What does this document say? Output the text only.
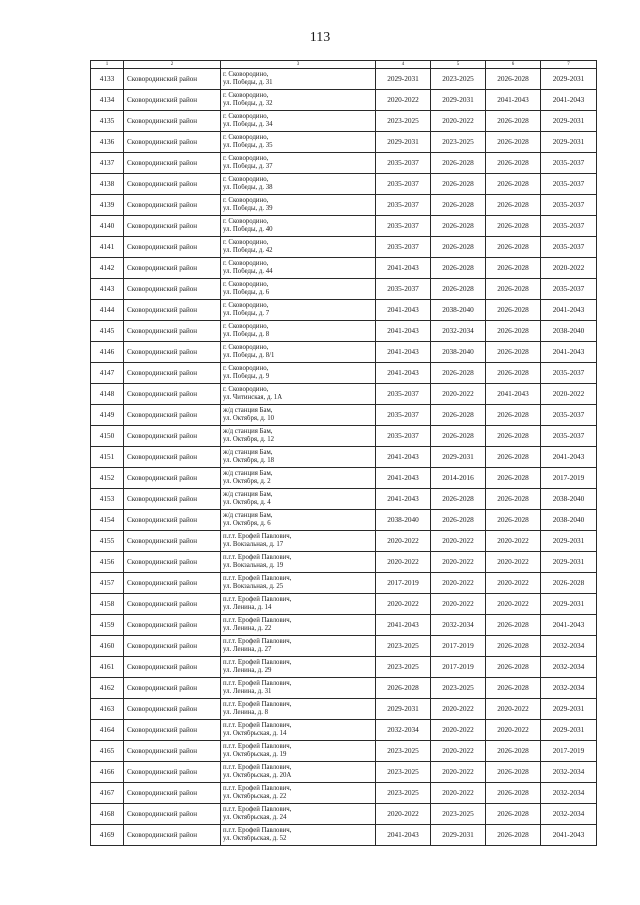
113
1	2	3	4	5	6	7
4133	Сковородинский район	г. Сковородино,
ул. Победы, д. 31	2029-2031	2023-2025	2026-2028	2029-2031
4134	Сковородинский район	г. Сковородино,
ул. Победы, д. 32	2020-2022	2029-2031	2041-2043	2041-2043
4135	Сковородинский район	г. Сковородино,
ул. Победы, д. 34	2023-2025	2020-2022	2026-2028	2029-2031
4136	Сковородинский район	г. Сковородино,
ул. Победы, д. 35	2029-2031	2023-2025	2026-2028	2029-2031
4137	Сковородинский район	г. Сковородино,
ул. Победы, д. 37	2035-2037	2026-2028	2026-2028	2035-2037
4138	Сковородинский район	г. Сковородино,
ул. Победы, д. 38	2035-2037	2026-2028	2026-2028	2035-2037
4139	Сковородинский район	г. Сковородино,
ул. Победы, д. 39	2035-2037	2026-2028	2026-2028	2035-2037
4140	Сковородинский район	г. Сковородино,
ул. Победы, д. 40	2035-2037	2026-2028	2026-2028	2035-2037
4141	Сковородинский район	г. Сковородино,
ул. Победы, д. 42	2035-2037	2026-2028	2026-2028	2035-2037
4142	Сковородинский район	г. Сковородино,
ул. Победы, д. 44	2041-2043	2026-2028	2026-2028	2020-2022
4143	Сковородинский район	г. Сковородино,
ул. Победы, д. 6	2035-2037	2026-2028	2026-2028	2035-2037
4144	Сковородинский район	г. Сковородино,
ул. Победы, д. 7	2041-2043	2038-2040	2026-2028	2041-2043
4145	Сковородинский район	г. Сковородино,
ул. Победы, д. 8	2041-2043	2032-2034	2026-2028	2038-2040
4146	Сковородинский район	г. Сковородино,
ул. Победы, д. 8/1	2041-2043	2038-2040	2026-2028	2041-2043
4147	Сковородинский район	г. Сковородино,
ул. Победы, д. 9	2041-2043	2026-2028	2026-2028	2035-2037
4148	Сковородинский район	г. Сковородино,
ул. Читинская, д. 1А	2035-2037	2020-2022	2041-2043	2020-2022
4149	Сковородинский район	ж/д станция Бам,
ул. Октября, д. 10	2035-2037	2026-2028	2026-2028	2035-2037
4150	Сковородинский район	ж/д станция Бам,
ул. Октября, д. 12	2035-2037	2026-2028	2026-2028	2035-2037
4151	Сковородинский район	ж/д станция Бам,
ул. Октября, д. 18	2041-2043	2029-2031	2026-2028	2041-2043
4152	Сковородинский район	ж/д станция Бам,
ул. Октября, д. 2	2041-2043	2014-2016	2026-2028	2017-2019
4153	Сковородинский район	ж/д станция Бам,
ул. Октября, д. 4	2041-2043	2026-2028	2026-2028	2038-2040
4154	Сковородинский район	ж/д станция Бам,
ул. Октября, д. 6	2038-2040	2026-2028	2026-2028	2038-2040
4155	Сковородинский район	п.г.т. Ерофей Павлович,
ул. Вокзальная, д. 17	2020-2022	2020-2022	2020-2022	2029-2031
4156	Сковородинский район	п.г.т. Ерофей Павлович,
ул. Вокзальная, д. 19	2020-2022	2020-2022	2020-2022	2029-2031
4157	Сковородинский район	п.г.т. Ерофей Павлович,
ул. Вокзальная, д. 25	2017-2019	2020-2022	2020-2022	2026-2028
4158	Сковородинский район	п.г.т. Ерофей Павлович,
ул. Ленина, д. 14	2020-2022	2020-2022	2020-2022	2029-2031
4159	Сковородинский район	п.г.т. Ерофей Павлович,
ул. Ленина, д. 22	2041-2043	2032-2034	2026-2028	2041-2043
4160	Сковородинский район	п.г.т. Ерофей Павлович,
ул. Ленина, д. 27	2023-2025	2017-2019	2026-2028	2032-2034
4161	Сковородинский район	п.г.т. Ерофей Павлович,
ул. Ленина, д. 29	2023-2025	2017-2019	2026-2028	2032-2034
4162	Сковородинский район	п.г.т. Ерофей Павлович,
ул. Ленина, д. 31	2026-2028	2023-2025	2026-2028	2032-2034
4163	Сковородинский район	п.г.т. Ерофей Павлович,
ул. Ленина, д. 8	2029-2031	2020-2022	2020-2022	2029-2031
4164	Сковородинский район	п.г.т. Ерофей Павлович,
ул. Октябрьская, д. 14	2032-2034	2020-2022	2020-2022	2029-2031
4165	Сковородинский район	п.г.т. Ерофей Павлович,
ул. Октябрьская, д. 19	2023-2025	2020-2022	2026-2028	2017-2019
4166	Сковородинский район	п.г.т. Ерофей Павлович,
ул. Октябрьская, д. 20А	2023-2025	2020-2022	2026-2028	2032-2034
4167	Сковородинский район	п.г.т. Ерофей Павлович,
ул. Октябрьская, д. 22	2023-2025	2020-2022	2026-2028	2032-2034
4168	Сковородинский район	п.г.т. Ерофей Павлович,
ул. Октябрьская, д. 24	2020-2022	2023-2025	2026-2028	2032-2034
4169	Сковородинский район	п.г.т. Ерофей Павлович,
ул. Октябрьская, д. 52	2041-2043	2029-2031	2026-2028	2041-2043
